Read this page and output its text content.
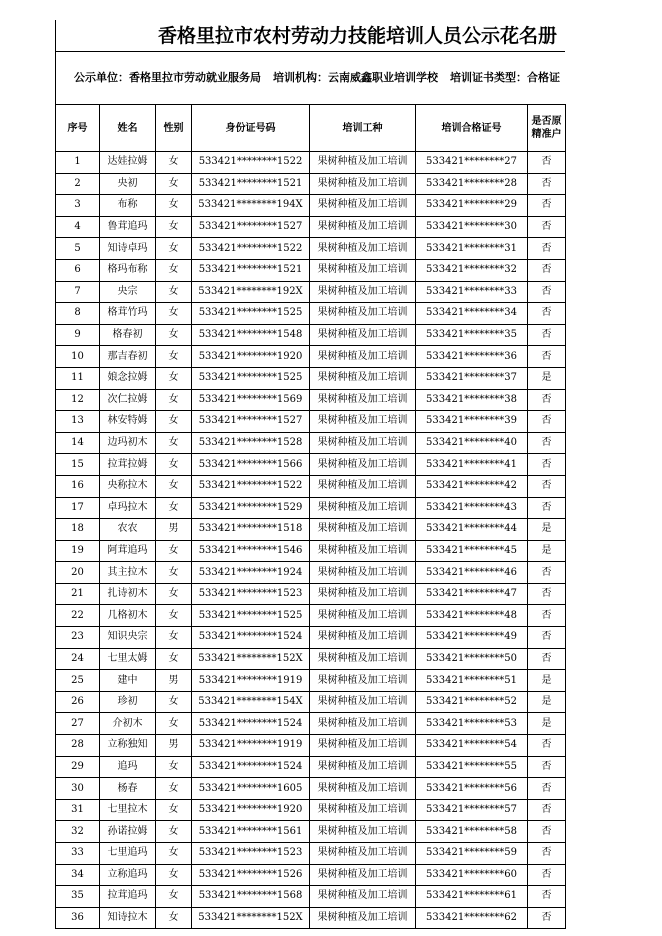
香格里拉市农村劳动力技能培训人员公示花名册
公示单位：香格里拉市劳动就业服务局 培训机构：云南威鑫职业培训学校 培训证书类型：合格证
序号	姓名	性别	身份证号码	培训工种	培训合格证号	是否原精准户
1	达娃拉姆	女	533421********1522	果树种植及加工培训	533421********27	否
2	央初	女	533421********1521	果树种植及加工培训	533421********28	否
3	布称	女	533421********194X	果树种植及加工培训	533421********29	否
4	鲁茸追玛	女	533421********1527	果树种植及加工培训	533421********30	否
5	知诗卓玛	女	533421********1522	果树种植及加工培训	533421********31	否
6	格玛布称	女	533421********1521	果树种植及加工培训	533421********32	否
7	央宗	女	533421********192X	果树种植及加工培训	533421********33	否
8	格茸竹玛	女	533421********1525	果树种植及加工培训	533421********34	否
9	格春初	女	533421********1548	果树种植及加工培训	533421********35	否
10	那吉春初	女	533421********1920	果树种植及加工培训	533421********36	否
11	娘念拉姆	女	533421********1525	果树种植及加工培训	533421********37	是
12	次仁拉姆	女	533421********1569	果树种植及加工培训	533421********38	否
13	林安特姆	女	533421********1527	果树种植及加工培训	533421********39	否
14	边玛初木	女	533421********1528	果树种植及加工培训	533421********40	否
15	拉茸拉姆	女	533421********1566	果树种植及加工培训	533421********41	否
16	央称拉木	女	533421********1522	果树种植及加工培训	533421********42	否
17	卓玛拉木	女	533421********1529	果树种植及加工培训	533421********43	否
18	农农	男	533421********1518	果树种植及加工培训	533421********44	是
19	阿茸追玛	女	533421********1546	果树种植及加工培训	533421********45	是
20	其主拉木	女	533421********1924	果树种植及加工培训	533421********46	否
21	扎诗初木	女	533421********1523	果树种植及加工培训	533421********47	否
22	几格初木	女	533421********1525	果树种植及加工培训	533421********48	否
23	知识央宗	女	533421********1524	果树种植及加工培训	533421********49	否
24	七里太姆	女	533421********152X	果树种植及加工培训	533421********50	否
25	建中	男	533421********1919	果树种植及加工培训	533421********51	是
26	珍初	女	533421********154X	果树种植及加工培训	533421********52	是
27	介初木	女	533421********1524	果树种植及加工培训	533421********53	是
28	立称独知	男	533421********1919	果树种植及加工培训	533421********54	否
29	追玛	女	533421********1524	果树种植及加工培训	533421********55	否
30	杨春	女	533421********1605	果树种植及加工培训	533421********56	否
31	七里拉木	女	533421********1920	果树种植及加工培训	533421********57	否
32	孙诺拉姆	女	533421********1561	果树种植及加工培训	533421********58	否
33	七里追玛	女	533421********1523	果树种植及加工培训	533421********59	否
34	立称追玛	女	533421********1526	果树种植及加工培训	533421********60	否
35	拉茸追玛	女	533421********1568	果树种植及加工培训	533421********61	否
36	知诗拉木	女	533421********152X	果树种植及加工培训	533421********62	否
